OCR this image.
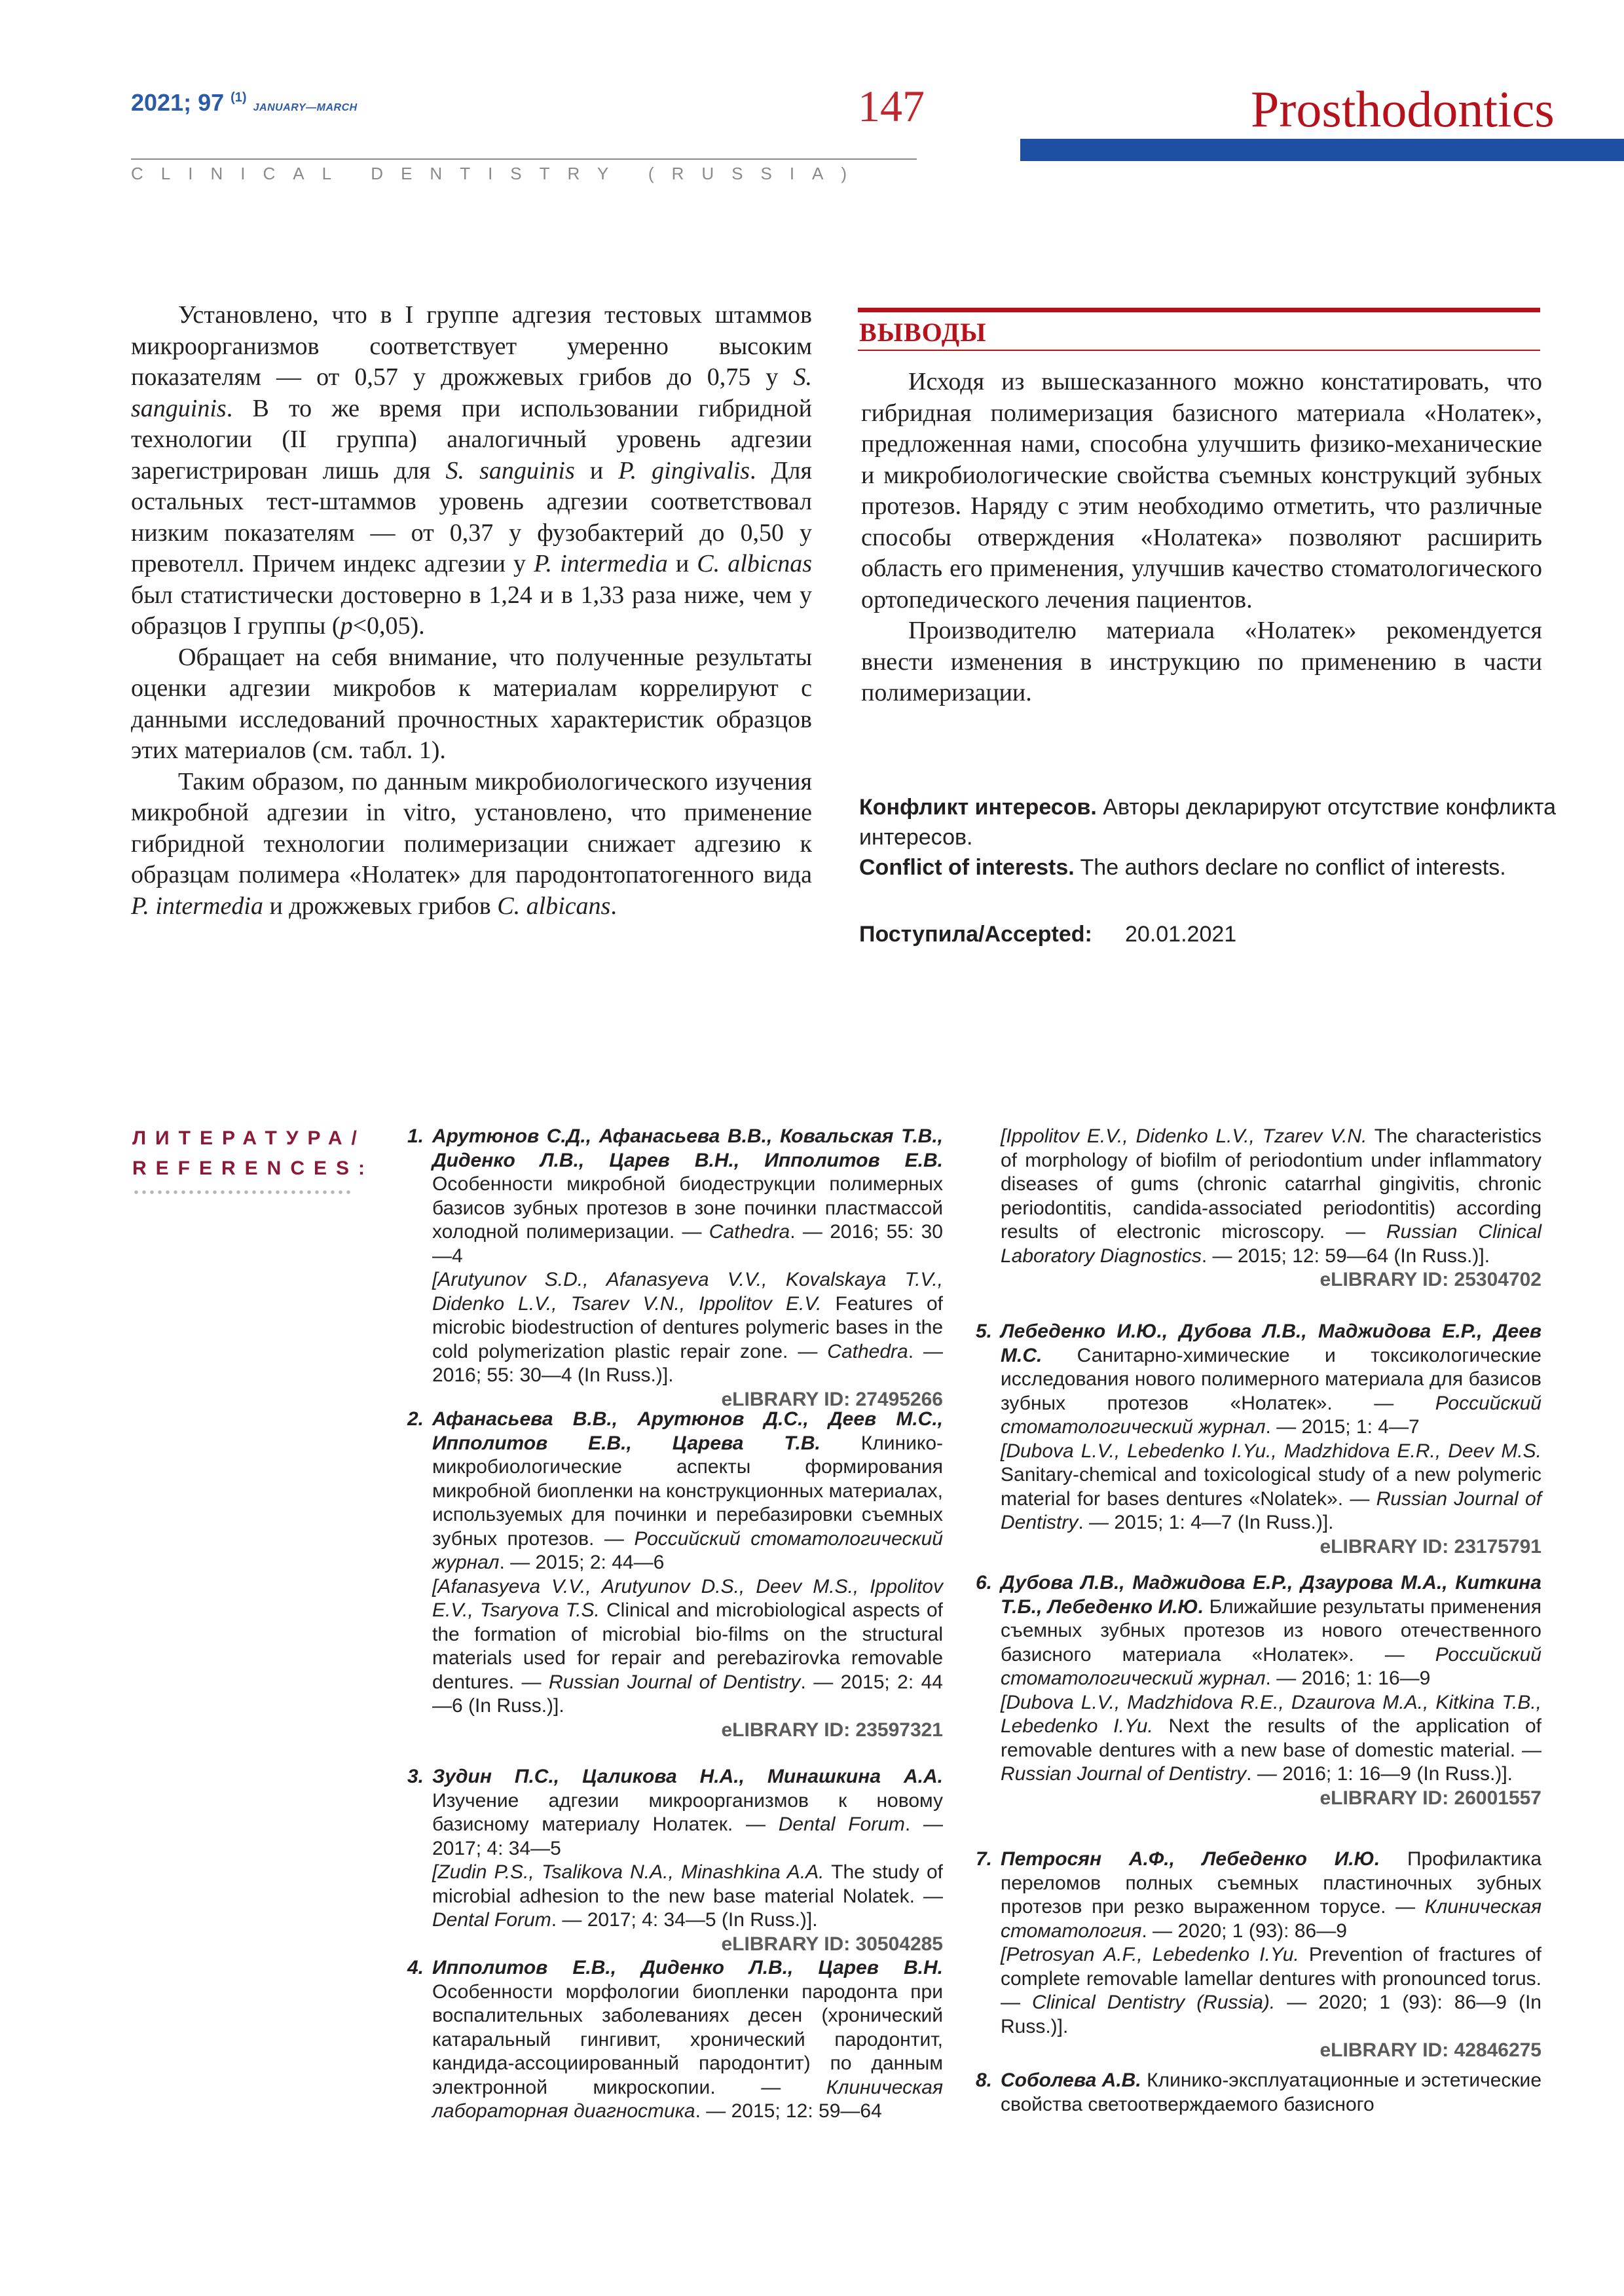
2021; 97 $^{(1)}$ JANUARY—MARCH	147	Prosthodontics
CLINICAL DENTISTRY (RUSSIA)

Установлено, что в I группе адгезия тестовых штаммов микроорганизмов соответствует умеренно высоким показателям — от 0,57 у дрожжевых грибов до 0,75 у S. sanguinis. В то же время при использовании гибридной технологии (II группа) аналогичный уровень адгезии зарегистрирован лишь для S. sanguinis и P. gingivalis. Для остальных тест-штаммов уровень адгезии соответствовал низким показателям — от 0,37 у фузобактерий до 0,50 у превотелл. Причем индекс адгезии у P. intermedia и C. albicnas был статистически достоверно в 1,24 и в 1,33 раза ниже, чем у образцов I группы (p<0,05).

Обращает на себя внимание, что полученные результаты оценки адгезии микробов к материалам коррелируют с данными исследований прочностных характеристик образцов этих материалов (см. табл. 1).

Таким образом, по данным микробиологического изучения микробной адгезии in vitro, установлено, что применение гибридной технологии полимеризации снижает адгезию к образцам полимера «Нолатек» для пародонтопатогенного вида P. intermedia и дрожжевых грибов C. albicans.

ВЫВОДЫ

Исходя из вышесказанного можно констатировать, что гибридная полимеризация базисного материала «Нолатек», предложенная нами, способна улучшить физико-механические и микробиологические свойства съемных конструкций зубных протезов. Наряду с этим необходимо отметить, что различные способы отверждения «Нолатека» позволяют расширить область его применения, улучшив качество стоматологического ортопедического лечения пациентов.

Производителю материала «Нолатек» рекомендуется внести изменения в инструкцию по применению в части полимеризации.

Конфликт интересов. Авторы декларируют отсутствие конфликта интересов.
Conflict of interests. The authors declare no conflict of interests.
Поступила/Accepted: 20.01.2021
ЛИТЕРАТУРА/
REFERENCES:
1. Арутюнов С.Д., Афанасьева В.В., Ковальская Т.В., Диденко Л.В., Царев В.Н., Ипполитов Е.В. Особенности микробной биодеструкции полимерных базисов зубных протезов в зоне починки пластмассой холодной полимеризации. — Cathedra. — 2016; 55: 30—4
[Arutyunov S.D., Afanasyeva V.V., Kovalskaya T.V., Didenko L.V., Tsarev V.N., Ippolitov E.V. Features of microbic biodestruction of dentures polymeric bases in the cold polymerization plastic repair zone. — Cathedra. — 2016; 55: 30—4 (In Russ.)].
eLIBRARY ID: 27495266
2. Афанасьева В.В., Арутюнов Д.С., Деев М.С., Ипполитов Е.В., Царева Т.В. Клинико-микробиологические аспекты формирования микробной биопленки на конструкционных материалах, используемых для починки и перебазировки съемных зубных протезов. — Российский стоматологический журнал. — 2015; 2: 44—6
[Afanasyeva V.V., Arutyunov D.S., Deev M.S., Ippolitov E.V., Tsaryova T.S. Clinical and microbiological aspects of the formation of microbial bio-films on the structural materials used for repair and perebazirovka removable dentures. — Russian Journal of Dentistry. — 2015; 2: 44—6 (In Russ.)].
eLIBRARY ID: 23597321
3. Зудин П.С., Цаликова Н.А., Минашкина А.А. Изучение адгезии микроорганизмов к новому базисному материалу Нолатек. — Dental Forum. — 2017; 4: 34—5
[Zudin P.S., Tsalikova N.A., Minashkina A.A. The study of microbial adhesion to the new base material Nolatek. — Dental Forum. — 2017; 4: 34—5 (In Russ.)].
eLIBRARY ID: 30504285
4. Ипполитов Е.В., Диденко Л.В., Царев В.Н. Особенности морфологии биопленки пародонта при воспалительных заболеваниях десен (хронический катаральный гингивит, хронический пародонтит, кандида-ассоциированный пародонтит) по данным электронной микроскопии. — Клиническая лабораторная диагностика. — 2015; 12: 59—64
[Ippolitov E.V., Didenko L.V., Tzarev V.N. The characteristics of morphology of biofilm of periodontium under inflammatory diseases of gums (chronic catarrhal gingivitis, chronic periodontitis, candida-associated periodontitis) according results of electronic microscopy. — Russian Clinical Laboratory Diagnostics. — 2015; 12: 59—64 (In Russ.)].
eLIBRARY ID: 25304702
5. Лебеденко И.Ю., Дубова Л.В., Маджидова Е.Р., Деев М.С. Санитарно-химические и токсикологические исследования нового полимерного материала для базисов зубных протезов «Нолатек». — Российский стоматологический журнал. — 2015; 1: 4—7
[Dubova L.V., Lebedenko I.Yu., Madzhidova E.R., Deev M.S. Sanitary-chemical and toxicological study of a new polymeric material for bases dentures «Nolatek». — Russian Journal of Dentistry. — 2015; 1: 4—7 (In Russ.)].
eLIBRARY ID: 23175791
6. Дубова Л.В., Маджидова Е.Р., Дзаурова М.А., Киткина Т.Б., Лебеденко И.Ю. Ближайшие результаты применения съемных зубных протезов из нового отечественного базисного материала «Нолатек». — Российский стоматологический журнал. — 2016; 1: 16—9
[Dubova L.V., Madzhidova R.E., Dzaurova M.A., Kitkina T.B., Lebedenko I.Yu. Next the results of the application of removable dentures with a new base of domestic material. — Russian Journal of Dentistry. — 2016; 1: 16—9 (In Russ.)].
eLIBRARY ID: 26001557
7. Петросян А.Ф., Лебеденко И.Ю. Профилактика переломов полных съемных пластиночных зубных протезов при резко выраженном торусе. — Клиническая стоматология. — 2020; 1 (93): 86—9
[Petrosyan A.F., Lebedenko I.Yu. Prevention of fractures of complete removable lamellar dentures with pronounced torus. — Clinical Dentistry (Russia). — 2020; 1 (93): 86—9 (In Russ.)].
eLIBRARY ID: 42846275
8. Соболева А.В. Клинико-эксплуатационные и эстетические свойства светоотверждаемого базисного
